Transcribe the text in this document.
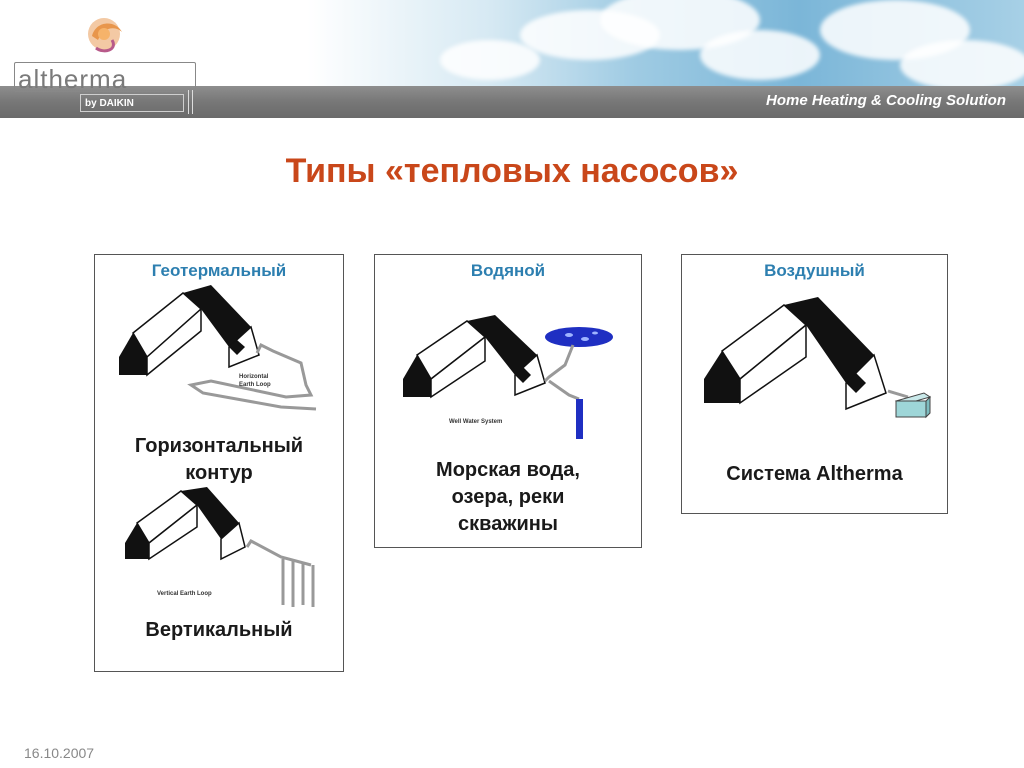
altherma
by DAIKIN	Home Heating & Cooling Solution
Типы «тепловых насосов»
Геотермальный
Horizontal
Earth Loop
Горизонтальный
контур
Vertical Earth Loop
Вертикальный
Водяной
Well Water System
Морская вода,
озера, реки
скважины
Воздушный
Система Altherma
16.10.2007
